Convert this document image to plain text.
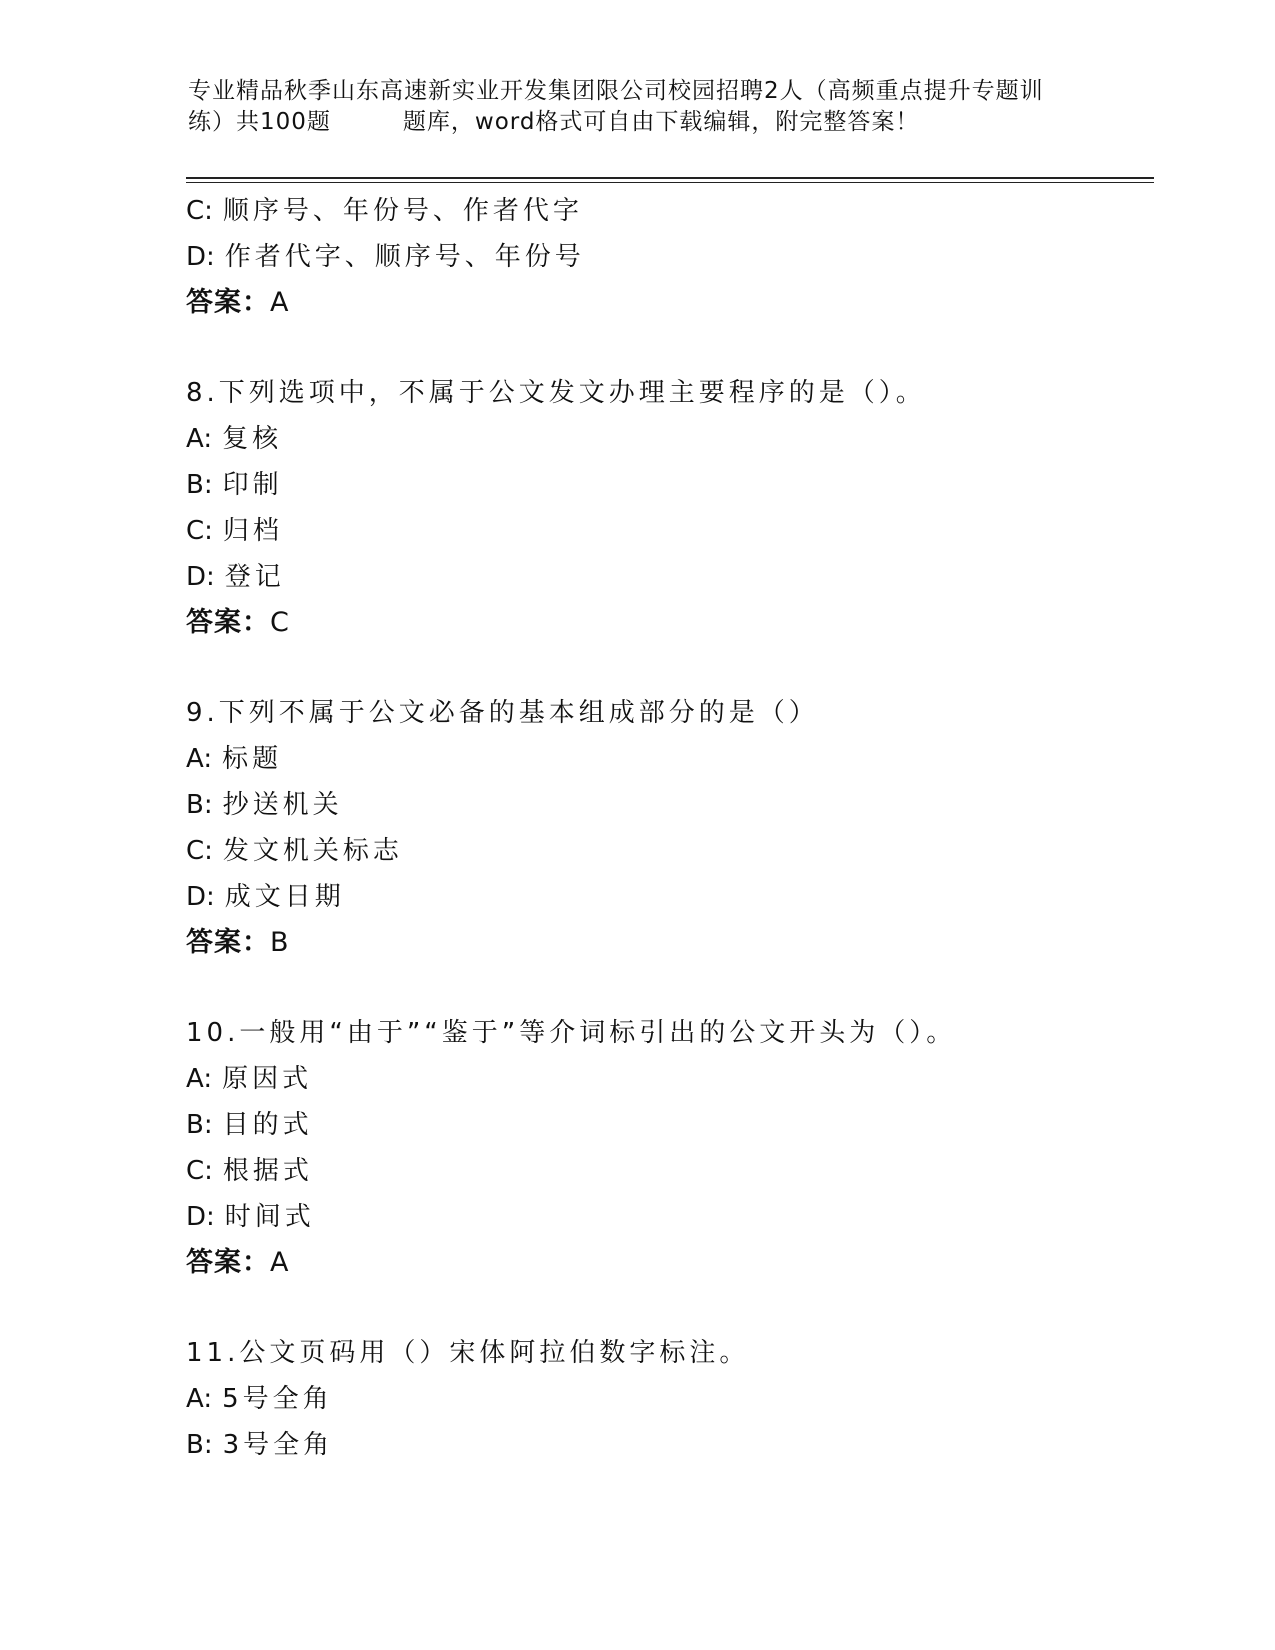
专业精品秋季山东高速新实业开发集团限公司校园招聘2人（高频重点提升专题训
练）共100题　　　题库，word格式可自由下载编辑，附完整答案！
C: 顺序号、年份号、作者代字
D: 作者代字、顺序号、年份号
答案：A
8.下列选项中，不属于公文发文办理主要程序的是（）。
A: 复核
B: 印制
C: 归档
D: 登记
答案：C
9.下列不属于公文必备的基本组成部分的是（）
A: 标题
B: 抄送机关
C: 发文机关标志
D: 成文日期
答案：B
10.一般用“由于”“鉴于”等介词标引出的公文开头为（）。
A: 原因式
B: 目的式
C: 根据式
D: 时间式
答案：A
11.公文页码用（）宋体阿拉伯数字标注。
A: 5号全角
B: 3号全角
